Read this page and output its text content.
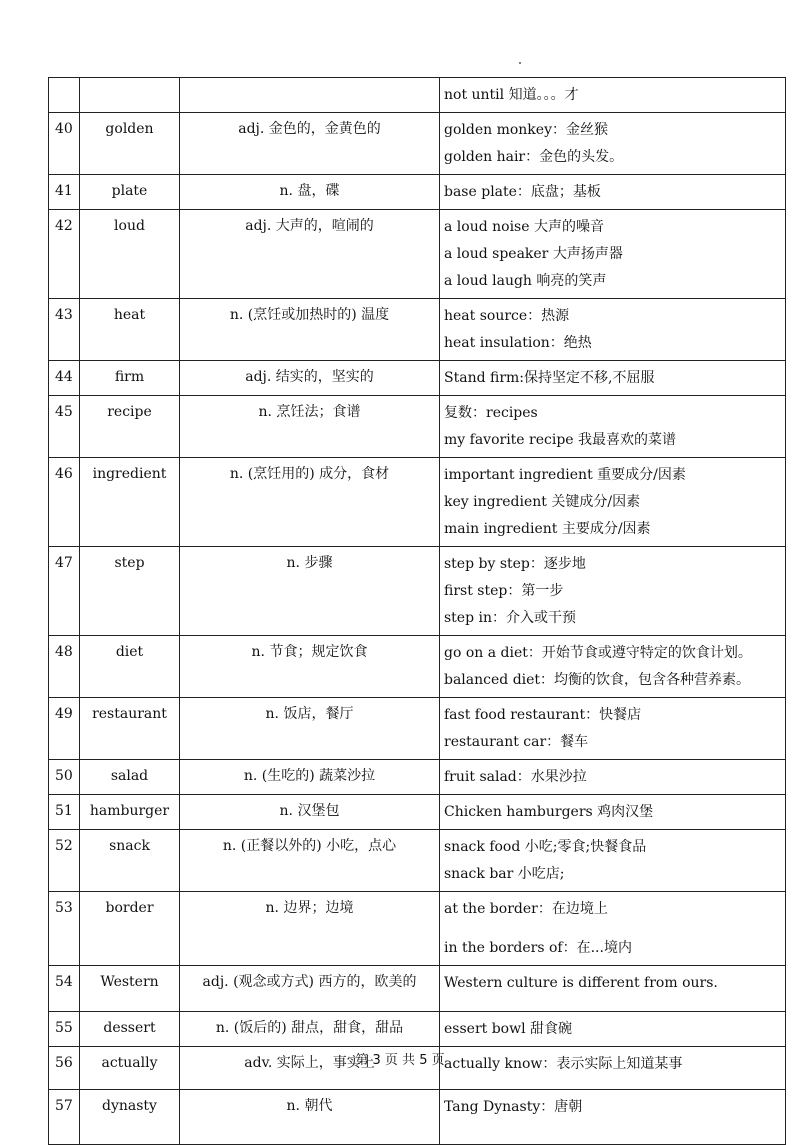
			not until 知道。。。才

40	golden	adj. 金色的，金黄色的	golden monkey：金丝猴
golden hair：金色的头发。

41	plate	n. 盘，碟	base plate：底盘；基板

42	loud	adj. 大声的，喧闹的	a loud noise 大声的噪音
a loud speaker 大声扬声器
a loud laugh 响亮的笑声

43	heat	n. (烹饪或加热时的) 温度	heat source：热源
heat insulation：绝热

44	firm	adj. 结实的，坚实的	Stand firm:保持坚定不移,不屈服

45	recipe	n. 烹饪法；食谱	复数：recipes
my favorite recipe 我最喜欢的菜谱

46	ingredient	n. (烹饪用的) 成分，食材	important ingredient 重要成分/因素
key ingredient 关键成分/因素
main ingredient 主要成分/因素

47	step	n. 步骤	step by step：逐步地
first step：第一步
step in：介入或干预

48	diet	n. 节食；规定饮食	go on a diet：开始节食或遵守特定的饮食计划。
balanced diet：均衡的饮食，包含各种营养素。

49	restaurant	n. 饭店，餐厅	fast food restaurant：快餐店
restaurant car：餐车

50	salad	n. (生吃的) 蔬菜沙拉	fruit salad：水果沙拉

51	hamburger	n. 汉堡包	Chicken hamburgers 鸡肉汉堡

52	snack	n. (正餐以外的) 小吃，点心	snack food 小吃;零食;快餐食品
snack bar 小吃店;

53	border	n. 边界；边境	at the border：在边境上
in the borders of：在...境内

54	Western	adj. (观念或方式) 西方的，欧美的	Western culture is different from ours.

55	dessert	n. (饭后的) 甜点，甜食，甜品	essert bowl 甜食碗

56	actually	adv. 实际上，事实上	actually know：表示实际上知道某事

57	dynasty	n. 朝代	Tang Dynasty：唐朝
第 3 页 共 5 页
